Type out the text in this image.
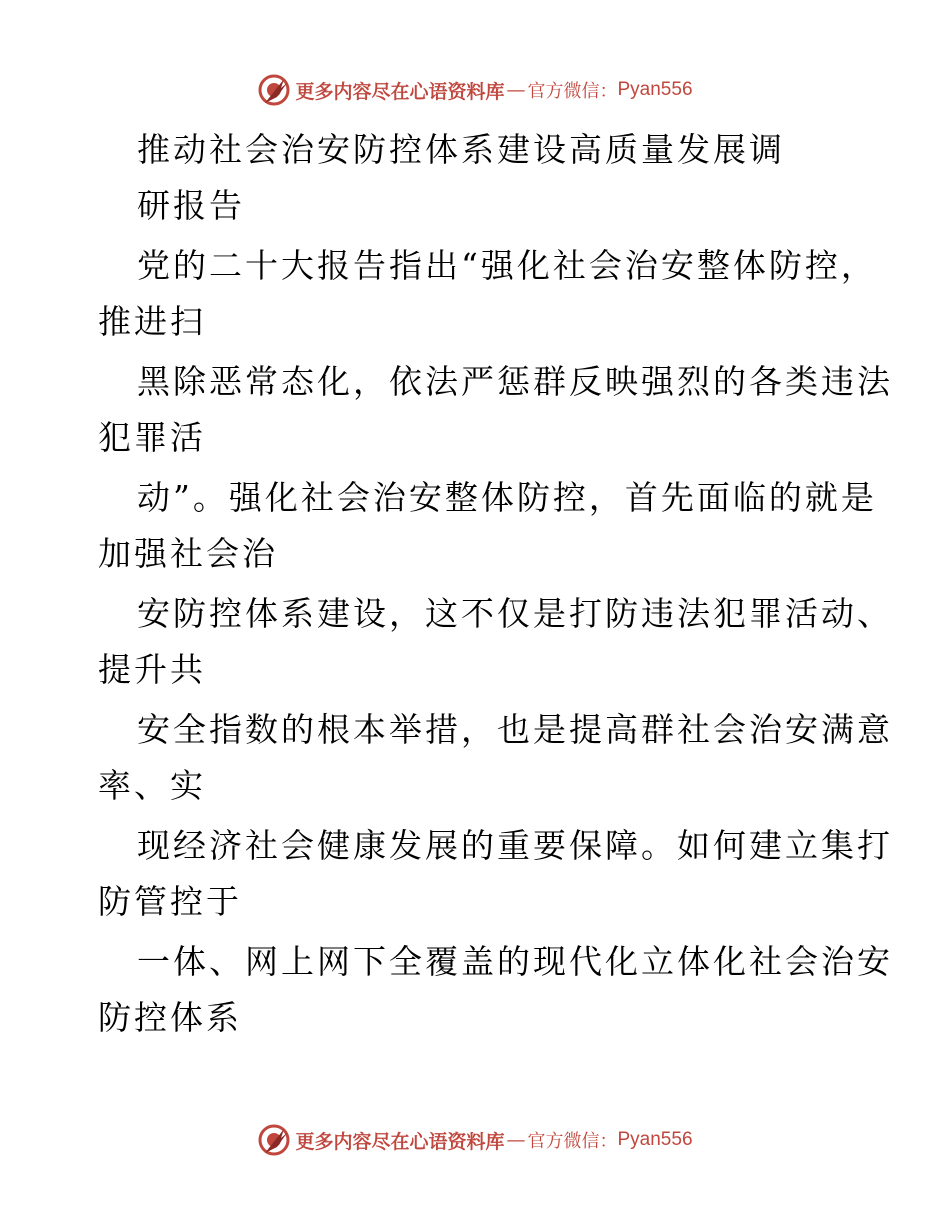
更多内容尽在心语资料库 — 官方微信： Pyan556
推动社会治安防控体系建设高质量发展调
研报告
党的二十大报告指出“强化社会治安整体防控，
推进扫
黑除恶常态化，依法严惩群反映强烈的各类违法
犯罪活
动”。强化社会治安整体防控，首先面临的就是
加强社会治
安防控体系建设，这不仅是打防违法犯罪活动、
提升共
安全指数的根本举措，也是提高群社会治安满意
率、实
现经济社会健康发展的重要保障。如何建立集打
防管控于
一体、网上网下全覆盖的现代化立体化社会治安
防控体系
更多内容尽在心语资料库 — 官方微信： Pyan556
